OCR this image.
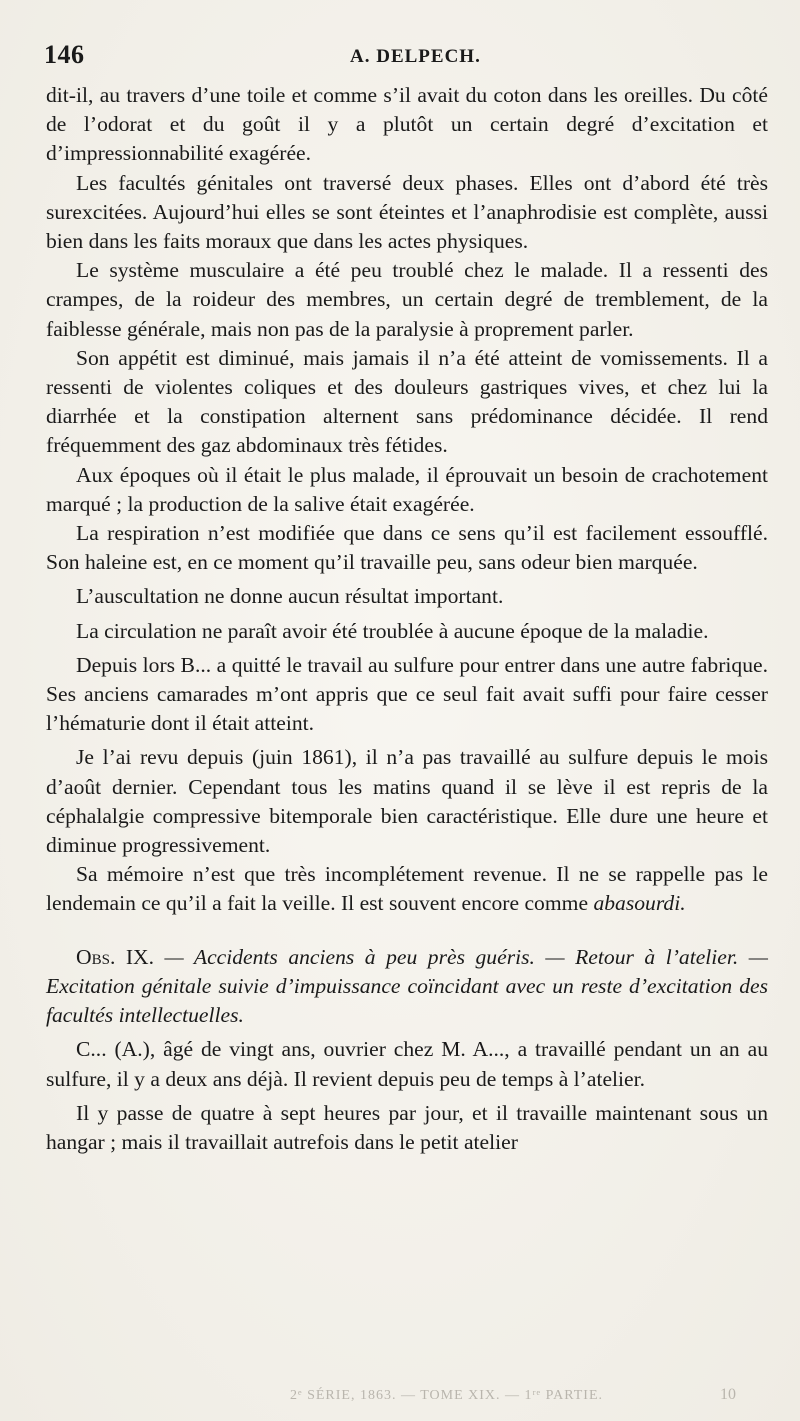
146	A. DELPECH.

dit-il, au travers d’une toile et comme s’il avait du coton dans les oreilles. Du côté de l’odorat et du goût il y a plutôt un certain degré d’excitation et d’impressionnabilité exagérée.

Les facultés génitales ont traversé deux phases. Elles ont d’abord été très surexcitées. Aujourd’hui elles se sont éteintes et l’anaphrodisie est complète, aussi bien dans les faits moraux que dans les actes physiques.

Le système musculaire a été peu troublé chez le malade. Il a ressenti des crampes, de la roideur des membres, un certain degré de tremblement, de la faiblesse générale, mais non pas de la paralysie à proprement parler.

Son appétit est diminué, mais jamais il n’a été atteint de vomissements. Il a ressenti de violentes coliques et des douleurs gastriques vives, et chez lui la diarrhée et la constipation alternent sans prédominance décidée. Il rend fréquemment des gaz abdominaux très fétides.

Aux époques où il était le plus malade, il éprouvait un besoin de crachotement marqué ; la production de la salive était exagérée.

La respiration n’est modifiée que dans ce sens qu’il est facilement essoufflé. Son haleine est, en ce moment qu’il travaille peu, sans odeur bien marquée.

L’auscultation ne donne aucun résultat important.

La circulation ne paraît avoir été troublée à aucune époque de la maladie.

Depuis lors B... a quitté le travail au sulfure pour entrer dans une autre fabrique. Ses anciens camarades m’ont appris que ce seul fait avait suffi pour faire cesser l’hématurie dont il était atteint.

Je l’ai revu depuis (juin 1861), il n’a pas travaillé au sulfure depuis le mois d’août dernier. Cependant tous les matins quand il se lève il est repris de la céphalalgie compressive bitemporale bien caractéristique. Elle dure une heure et diminue progressivement.

Sa mémoire n’est que très incomplétement revenue. Il ne se rappelle pas le lendemain ce qu’il a fait la veille. Il est souvent encore comme abasourdi.

Obs. IX. — Accidents anciens à peu près guéris. — Retour à l’atelier. — Excitation génitale suivie d’impuissance coïncidant avec un reste d’excitation des facultés intellectuelles.

C... (A.), âgé de vingt ans, ouvrier chez M. A..., a travaillé pendant un an au sulfure, il y a deux ans déjà. Il revient depuis peu de temps à l’atelier.

Il y passe de quatre à sept heures par jour, et il travaille maintenant sous un hangar ; mais il travaillait autrefois dans le petit atelier

2ᵉ SÉRIE, 1863. — TOME XIX. — 1ʳᵉ PARTIE.	10
